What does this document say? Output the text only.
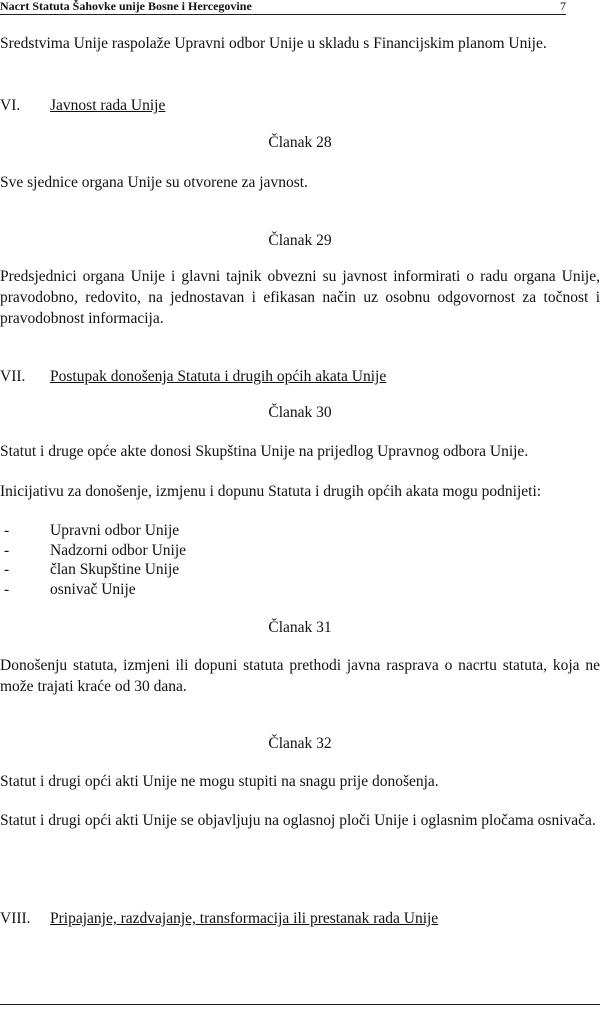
Nacrt Statuta Šahovke unije Bosne i Hercegovine	7
Sredstvima Unije raspolaže Upravni odbor Unije u skladu s Financijskim planom Unije.
VI. Javnost rada Unije
Članak 28
Sve sjednice organa Unije su otvorene za javnost.
Članak 29
Predsjednici organa Unije i glavni tajnik obvezni su javnost informirati o radu organa Unije, pravodobno, redovito, na jednostavan i efikasan način uz osobnu odgovornost za točnost i pravodobnost informacija.
VII. Postupak donošenja Statuta i drugih općih akata Unije
Članak 30
Statut i druge opće akte donosi Skupština Unije na prijedlog Upravnog odbora Unije.
Inicijativu za donošenje, izmjenu i dopunu Statuta i drugih općih akata mogu podnijeti:
-	Upravni odbor Unije
-	Nadzorni odbor Unije
-	član Skupštine Unije
-	osnivač Unije
Članak 31
Donošenju statuta, izmjeni ili dopuni statuta prethodi javna rasprava o nacrtu statuta, koja ne može trajati kraće od 30 dana.
Članak 32
Statut i drugi opći akti Unije ne mogu stupiti na snagu prije donošenja.
Statut i drugi opći akti Unije se objavljuju na oglasnoj ploči Unije i oglasnim pločama osnivača.
VIII. Pripajanje, razdvajanje, transformacija ili prestanak rada Unije
